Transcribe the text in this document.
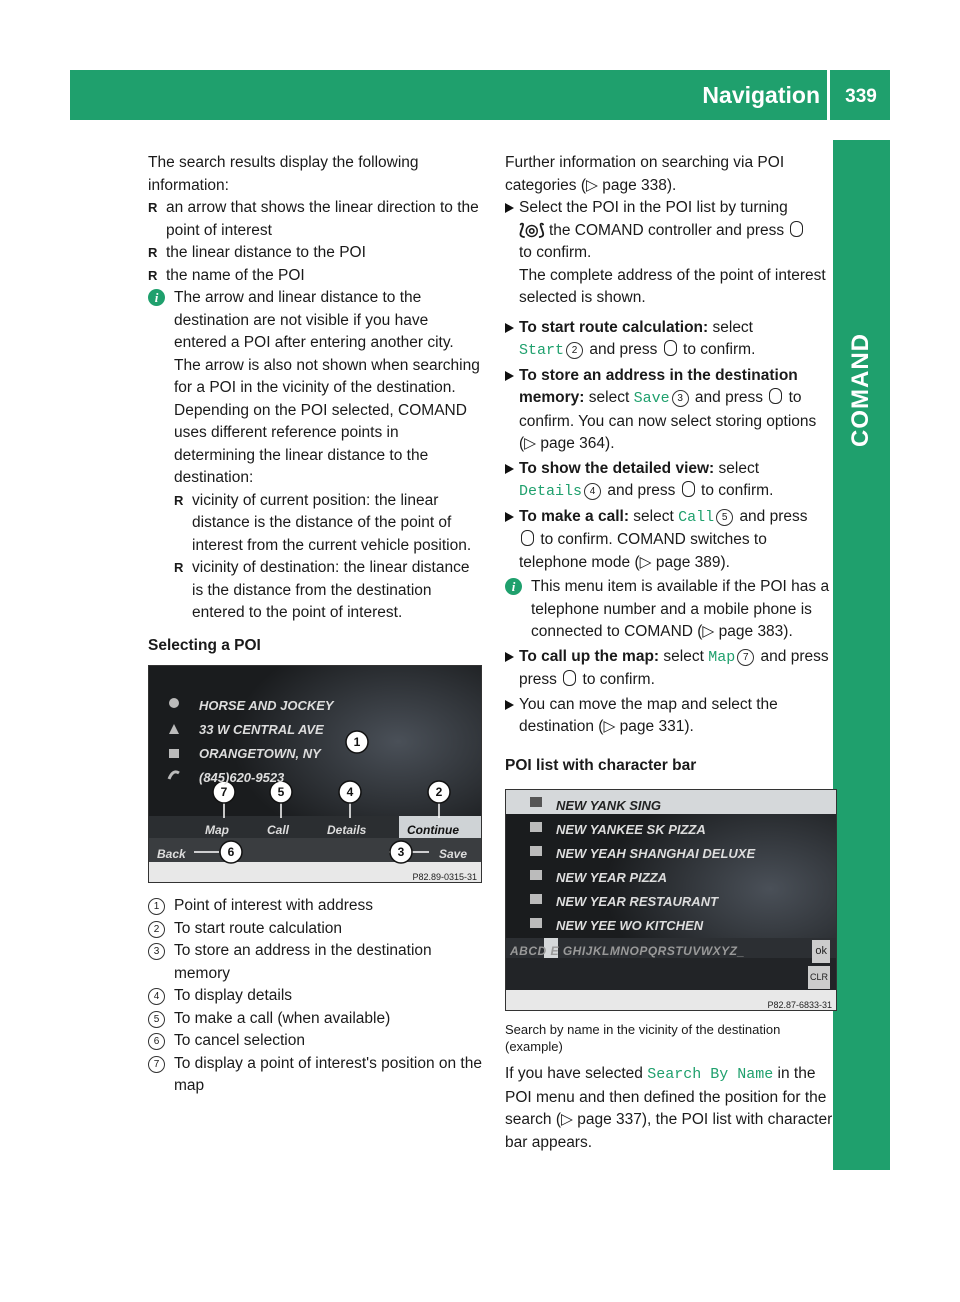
Navigation	339
COMAND

The search results display the following information:

R an arrow that shows the linear direction to the point of interest

R the linear distance to the POI

R the name of the POI

i	The arrow and linear distance to the destination are not visible if you have entered a POI after entering another city.

The arrow is also not shown when searching for a POI in the vicinity of the destination.

Depending on the POI selected, COMAND uses different reference points in determining the linear distance to the destination:

R vicinity of current position: the linear distance is the distance of the point of interest from the current vehicle position.

R vicinity of destination: the linear distance is the distance from the destination entered to the point of interest.

Selecting a POI

1
2
3
4
5
6
7
HORSE AND JOCKEY
33 W CENTRAL AVE
ORANGETOWN, NY
(845)620-9523
Map	Call	Details	Continue
Back	Save
P82.89-0315-31

1 Point of interest with address

2 To start route calculation

3 To store an address in the destination memory

4 To display details

5 To make a call (when available)

6 To cancel selection

7 To display a point of interest's position on the map

Further information on searching via POI categories (▷ page 338).

Select the POI in the POI list by turning
⟅◎⟆ the COMAND controller and press
to confirm.
The complete address of the point of interest selected is shown.
To start route calculation: select
Start 2 and press to confirm.
To store an address in the destination memory: select Save 3 and press to confirm. You can now select storing options (▷ page 364).
To show the detailed view: select
Details 4 and press to confirm.
To make a call: select Call 5 and press
to confirm. COMAND switches to telephone mode (▷ page 389).
i	This menu item is available if the POI has a telephone number and a mobile phone is connected to COMAND (▷ page 383).

To call up the map: select Map 7 and press
press  to confirm.

You can move the map and select the destination (▷ page 331).

POI list with character bar

NEW YANK SING
NEW YANKEE SK PIZZA
NEW YEAH SHANGHAI DELUXE
NEW YEAR PIZZA
NEW YEAR RESTAURANT
NEW YEE WO KITCHEN
ABCD E GHIJKLMNOPQRSTUVWXYZ_	ok
CLR
P82.87-6833-31

Search by name in the vicinity of the destination (example)

If you have selected Search By Name in the POI menu and then defined the position for the search (▷ page 337), the POI list with character bar appears.
